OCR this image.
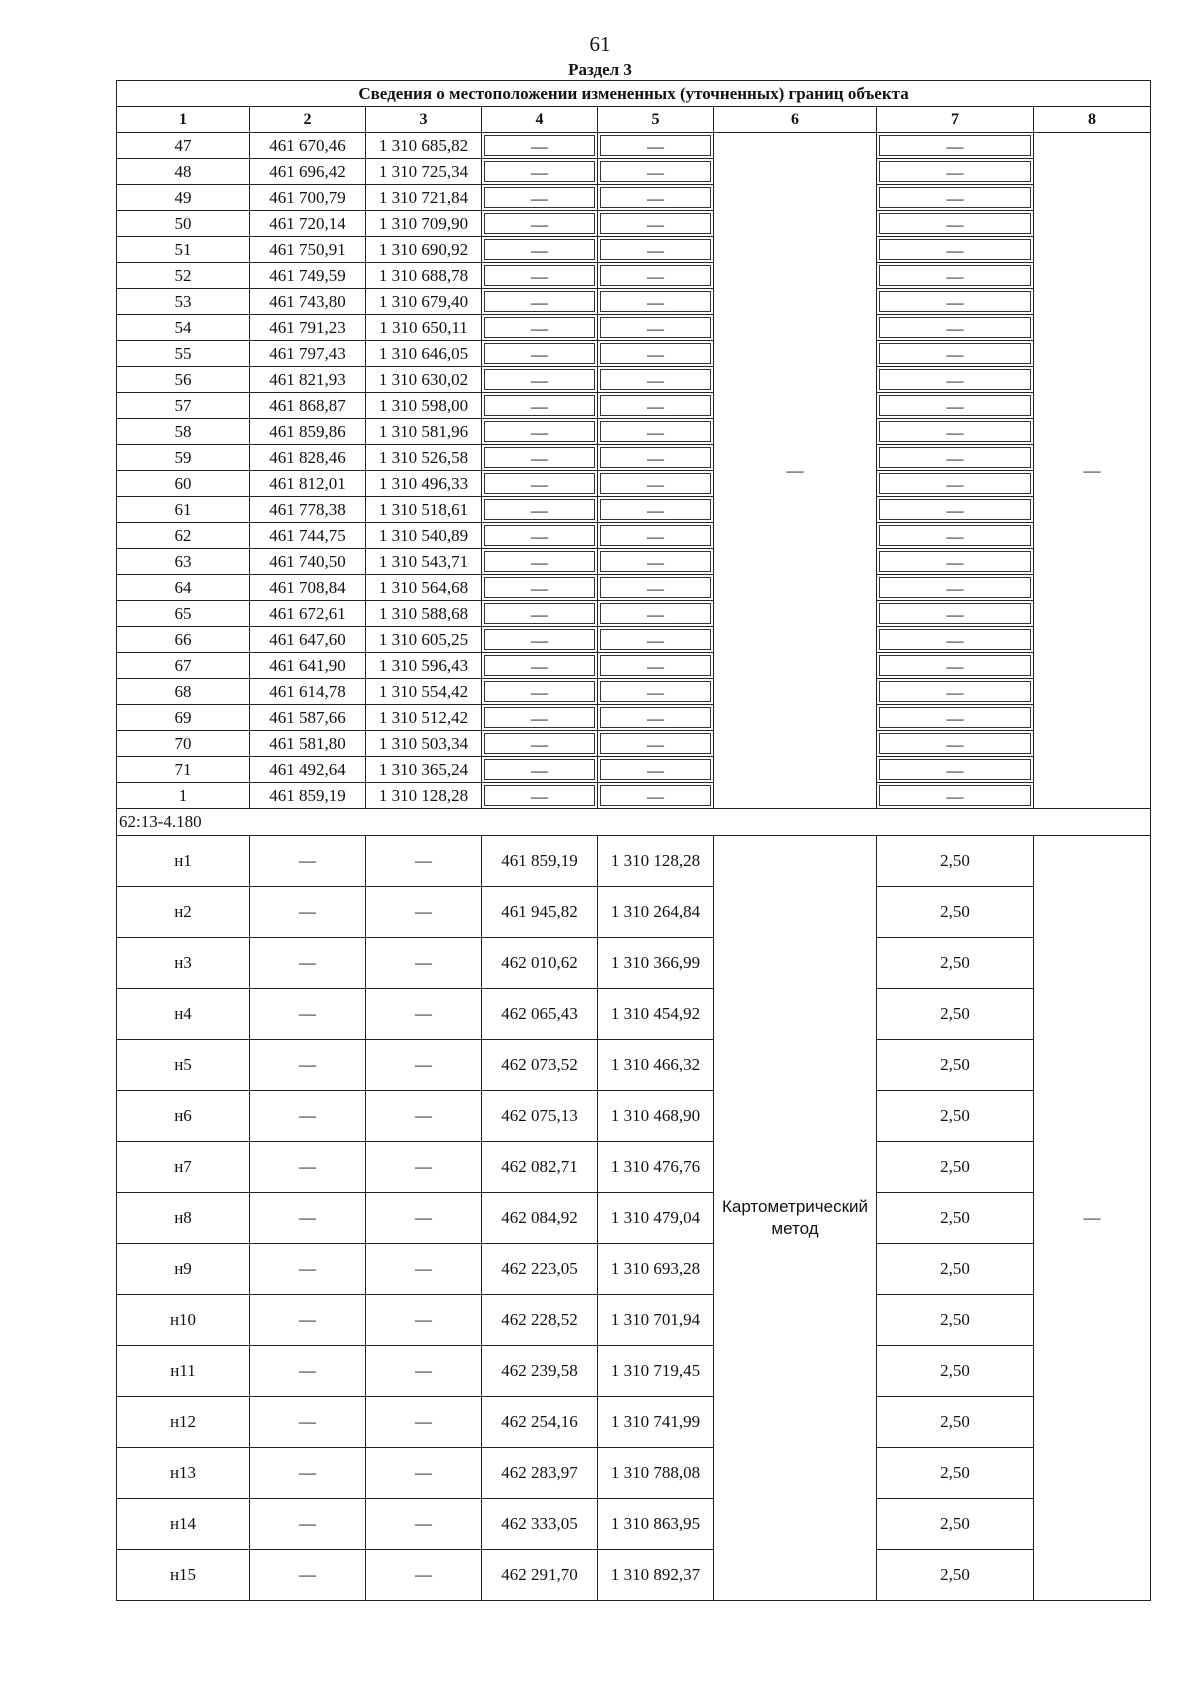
61
Раздел 3
Сведения о местоположении измененных (уточненных) границ объекта							
1	2	3	4	5	6	7	8
47	461 670,46	1 310 685,82	—	—	—	—	—
48	461 696,42	1 310 725,34	—	—		—	

49	461 700,79	1 310 721,84	—	—		—	

50	461 720,14	1 310 709,90	—	—		—	

51	461 750,91	1 310 690,92	—	—		—	

52	461 749,59	1 310 688,78	—	—		—	

53	461 743,80	1 310 679,40	—	—		—	

54	461 791,23	1 310 650,11	—	—		—	

55	461 797,43	1 310 646,05	—	—		—	

56	461 821,93	1 310 630,02	—	—		—	

57	461 868,87	1 310 598,00	—	—		—	

58	461 859,86	1 310 581,96	—	—		—	

59	461 828,46	1 310 526,58	—	—		—	

60	461 812,01	1 310 496,33	—	—		—	

61	461 778,38	1 310 518,61	—	—		—	

62	461 744,75	1 310 540,89	—	—		—	

63	461 740,50	1 310 543,71	—	—		—	

64	461 708,84	1 310 564,68	—	—		—	

65	461 672,61	1 310 588,68	—	—		—	

66	461 647,60	1 310 605,25	—	—		—	

67	461 641,90	1 310 596,43	—	—		—	

68	461 614,78	1 310 554,42	—	—		—	

69	461 587,66	1 310 512,42	—	—		—	

70	461 581,80	1 310 503,34	—	—		—	

71	461 492,64	1 310 365,24	—	—		—	

1	461 859,19	1 310 128,28	—	—		—	

62:13-4.180							
н1	—	—	461 859,19	1 310 128,28	Картометрический метод	2,50	—
н2	—	—	461 945,82	1 310 264,84		2,50	
н3	—	—	462 010,62	1 310 366,99		2,50	
н4	—	—	462 065,43	1 310 454,92		2,50	
н5	—	—	462 073,52	1 310 466,32		2,50	
н6	—	—	462 075,13	1 310 468,90		2,50	
н7	—	—	462 082,71	1 310 476,76		2,50	
н8	—	—	462 084,92	1 310 479,04		2,50	
н9	—	—	462 223,05	1 310 693,28		2,50	
н10	—	—	462 228,52	1 310 701,94		2,50	
н11	—	—	462 239,58	1 310 719,45		2,50	
н12	—	—	462 254,16	1 310 741,99		2,50	
н13	—	—	462 283,97	1 310 788,08		2,50	
н14	—	—	462 333,05	1 310 863,95		2,50	
н15	—	—	462 291,70	1 310 892,37		2,50	
